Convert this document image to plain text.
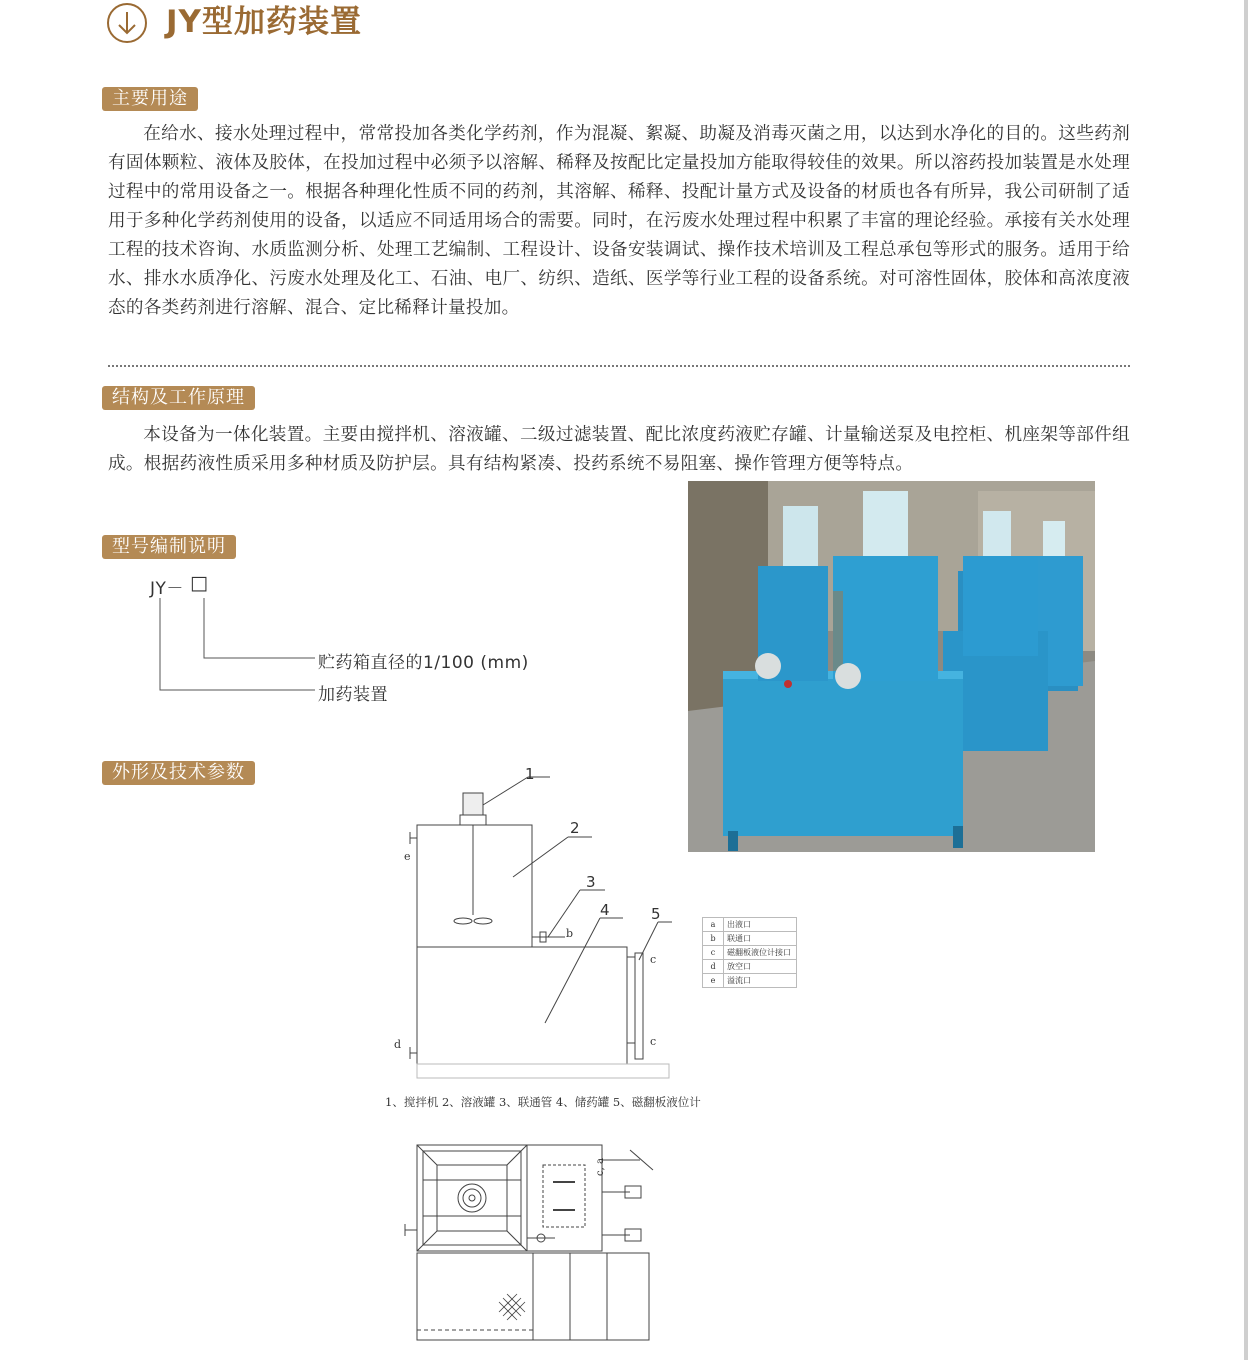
JY型加药装置
主要用途

在给水、接水处理过程中，常常投加各类化学药剂，作为混凝、絮凝、助凝及消毒灭菌之用，以达到水净化的目的。这些药剂有固体颗粒、液体及胶体，在投加过程中必须予以溶解、稀释及按配比定量投加方能取得较佳的效果。所以溶药投加装置是水处理过程中的常用设备之一。根据各种理化性质不同的药剂，其溶解、稀释、投配计量方式及设备的材质也各有所异，我公司研制了适用于多种化学药剂使用的设备，以适应不同适用场合的需要。同时，在污废水处理过程中积累了丰富的理论经验。承接有关水处理工程的技术咨询、水质监测分析、处理工艺编制、工程设计、设备安装调试、操作技术培训及工程总承包等形式的服务。适用于给水、排水水质净化、污废水处理及化工、石油、电厂、纺织、造纸、医学等行业工程的设备系统。对可溶性固体，胶体和高浓度液态的各类药剂进行溶解、混合、定比稀释计量投加。

结构及工作原理

本设备为一体化装置。主要由搅拌机、溶液罐、二级过滤装置、配比浓度药液贮存罐、计量输送泵及电控柜、机座架等部件组成。根据药液性质采用多种材质及防护层。具有结构紧凑、投药系统不易阻塞、操作管理方便等特点。

型号编制说明
JY－ □
贮药箱直径的1/100 (mm)
加药装置
外形及技术参数	1
2
3
4	5
e
b
c
d	c
a	出液口
b	联通口
c	磁翻板液位计接口
d	放空口
e	溢流口
1、搅拌机 2、溶液罐 3、联通管 4、储药罐 5、磁翻板液位计
c, a
